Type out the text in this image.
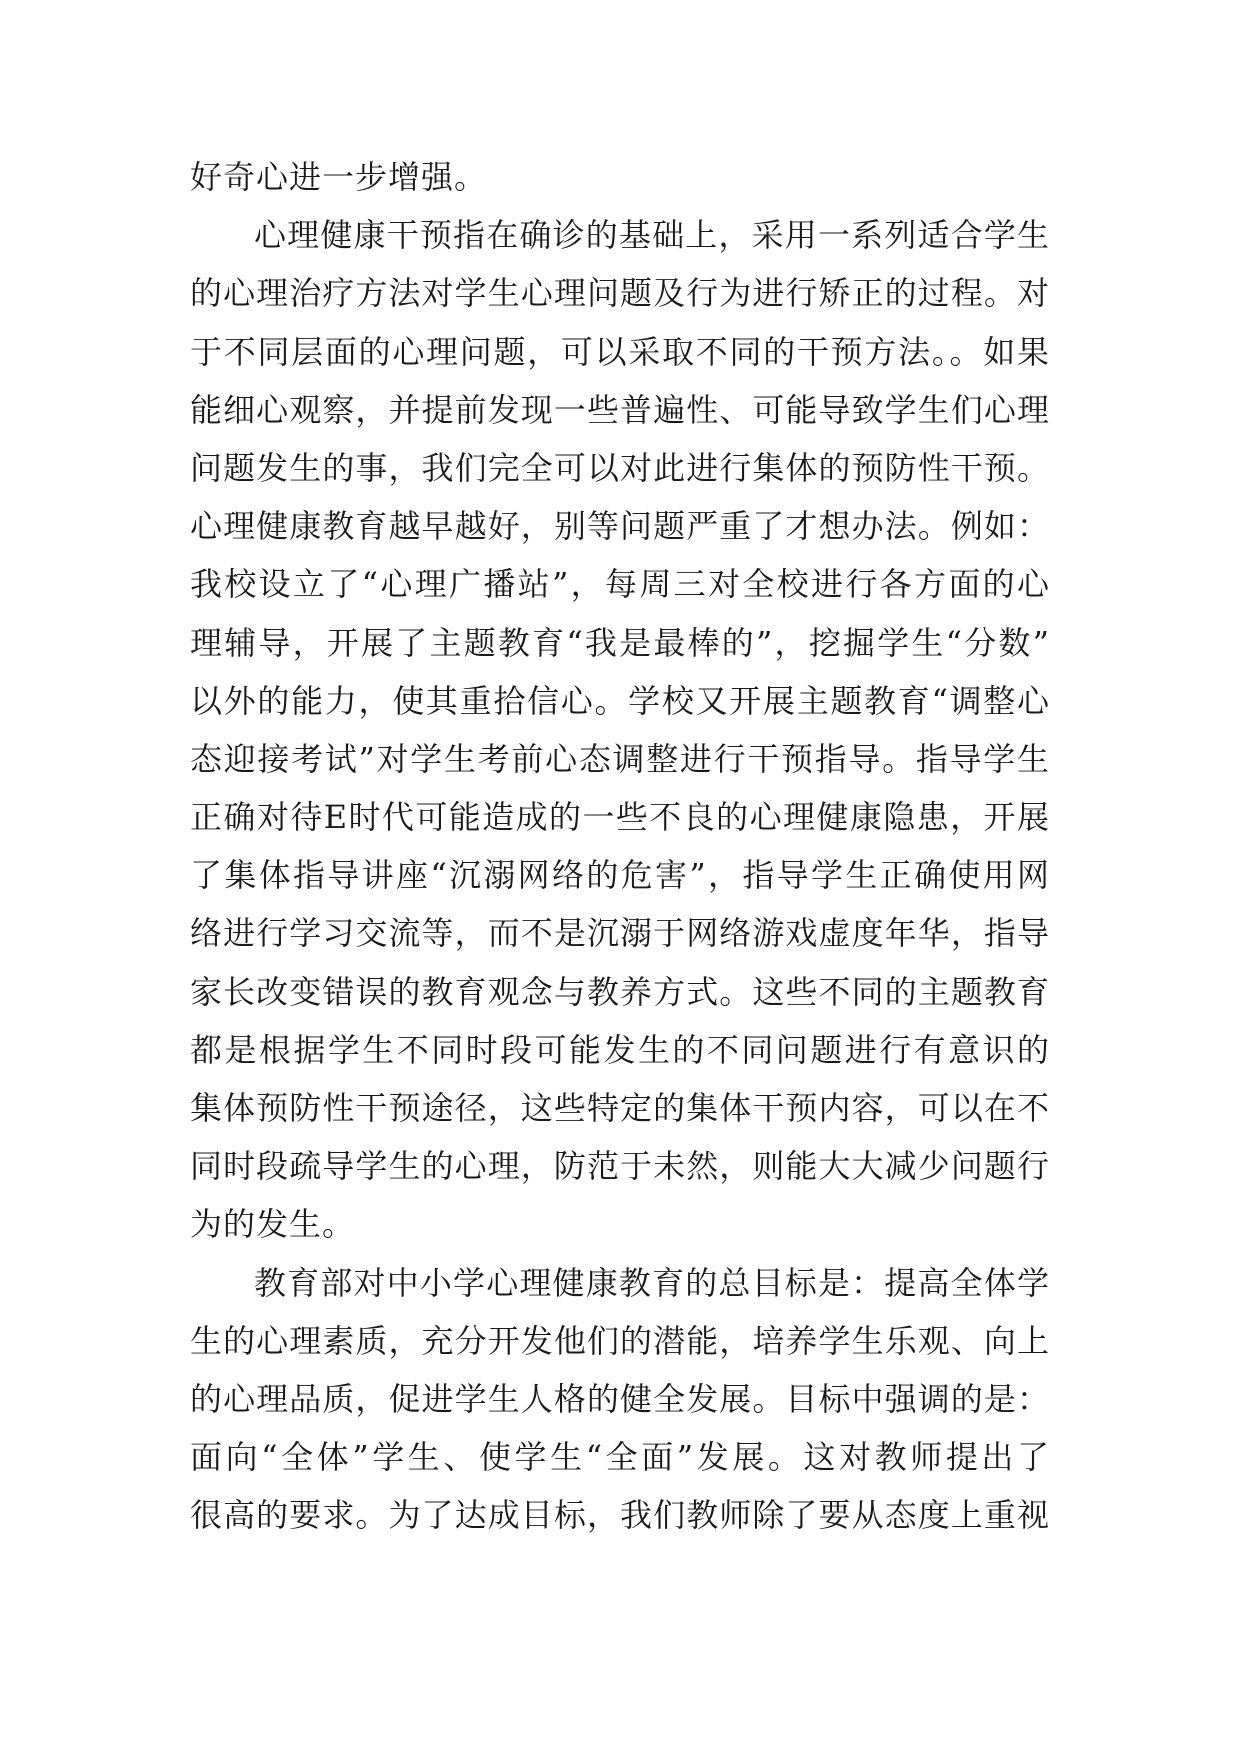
好奇心进一步增强。
心理健康干预指在确诊的基础上，采用一系列适合学生
的心理治疗方法对学生心理问题及行为进行矫正的过程。对
于不同层面的心理问题，可以采取不同的干预方法。。如果
能细心观察，并提前发现一些普遍性、可能导致学生们心理
问题发生的事，我们完全可以对此进行集体的预防性干预。
心理健康教育越早越好，别等问题严重了才想办法。例如：
我校设立了“心理广播站”，每周三对全校进行各方面的心
理辅导，开展了主题教育“我是最棒的”，挖掘学生“分数”
以外的能力，使其重拾信心。学校又开展主题教育“调整心
态迎接考试”对学生考前心态调整进行干预指导。指导学生
正确对待E时代可能造成的一些不良的心理健康隐患，开展
了集体指导讲座“沉溺网络的危害”，指导学生正确使用网
络进行学习交流等，而不是沉溺于网络游戏虚度年华，指导
家长改变错误的教育观念与教养方式。这些不同的主题教育
都是根据学生不同时段可能发生的不同问题进行有意识的
集体预防性干预途径，这些特定的集体干预内容，可以在不
同时段疏导学生的心理，防范于未然，则能大大减少问题行
为的发生。
教育部对中小学心理健康教育的总目标是：提高全体学
生的心理素质，充分开发他们的潜能，培养学生乐观、向上
的心理品质，促进学生人格的健全发展。目标中强调的是：
面向“全体”学生、使学生“全面”发展。这对教师提出了
很高的要求。为了达成目标，我们教师除了要从态度上重视
